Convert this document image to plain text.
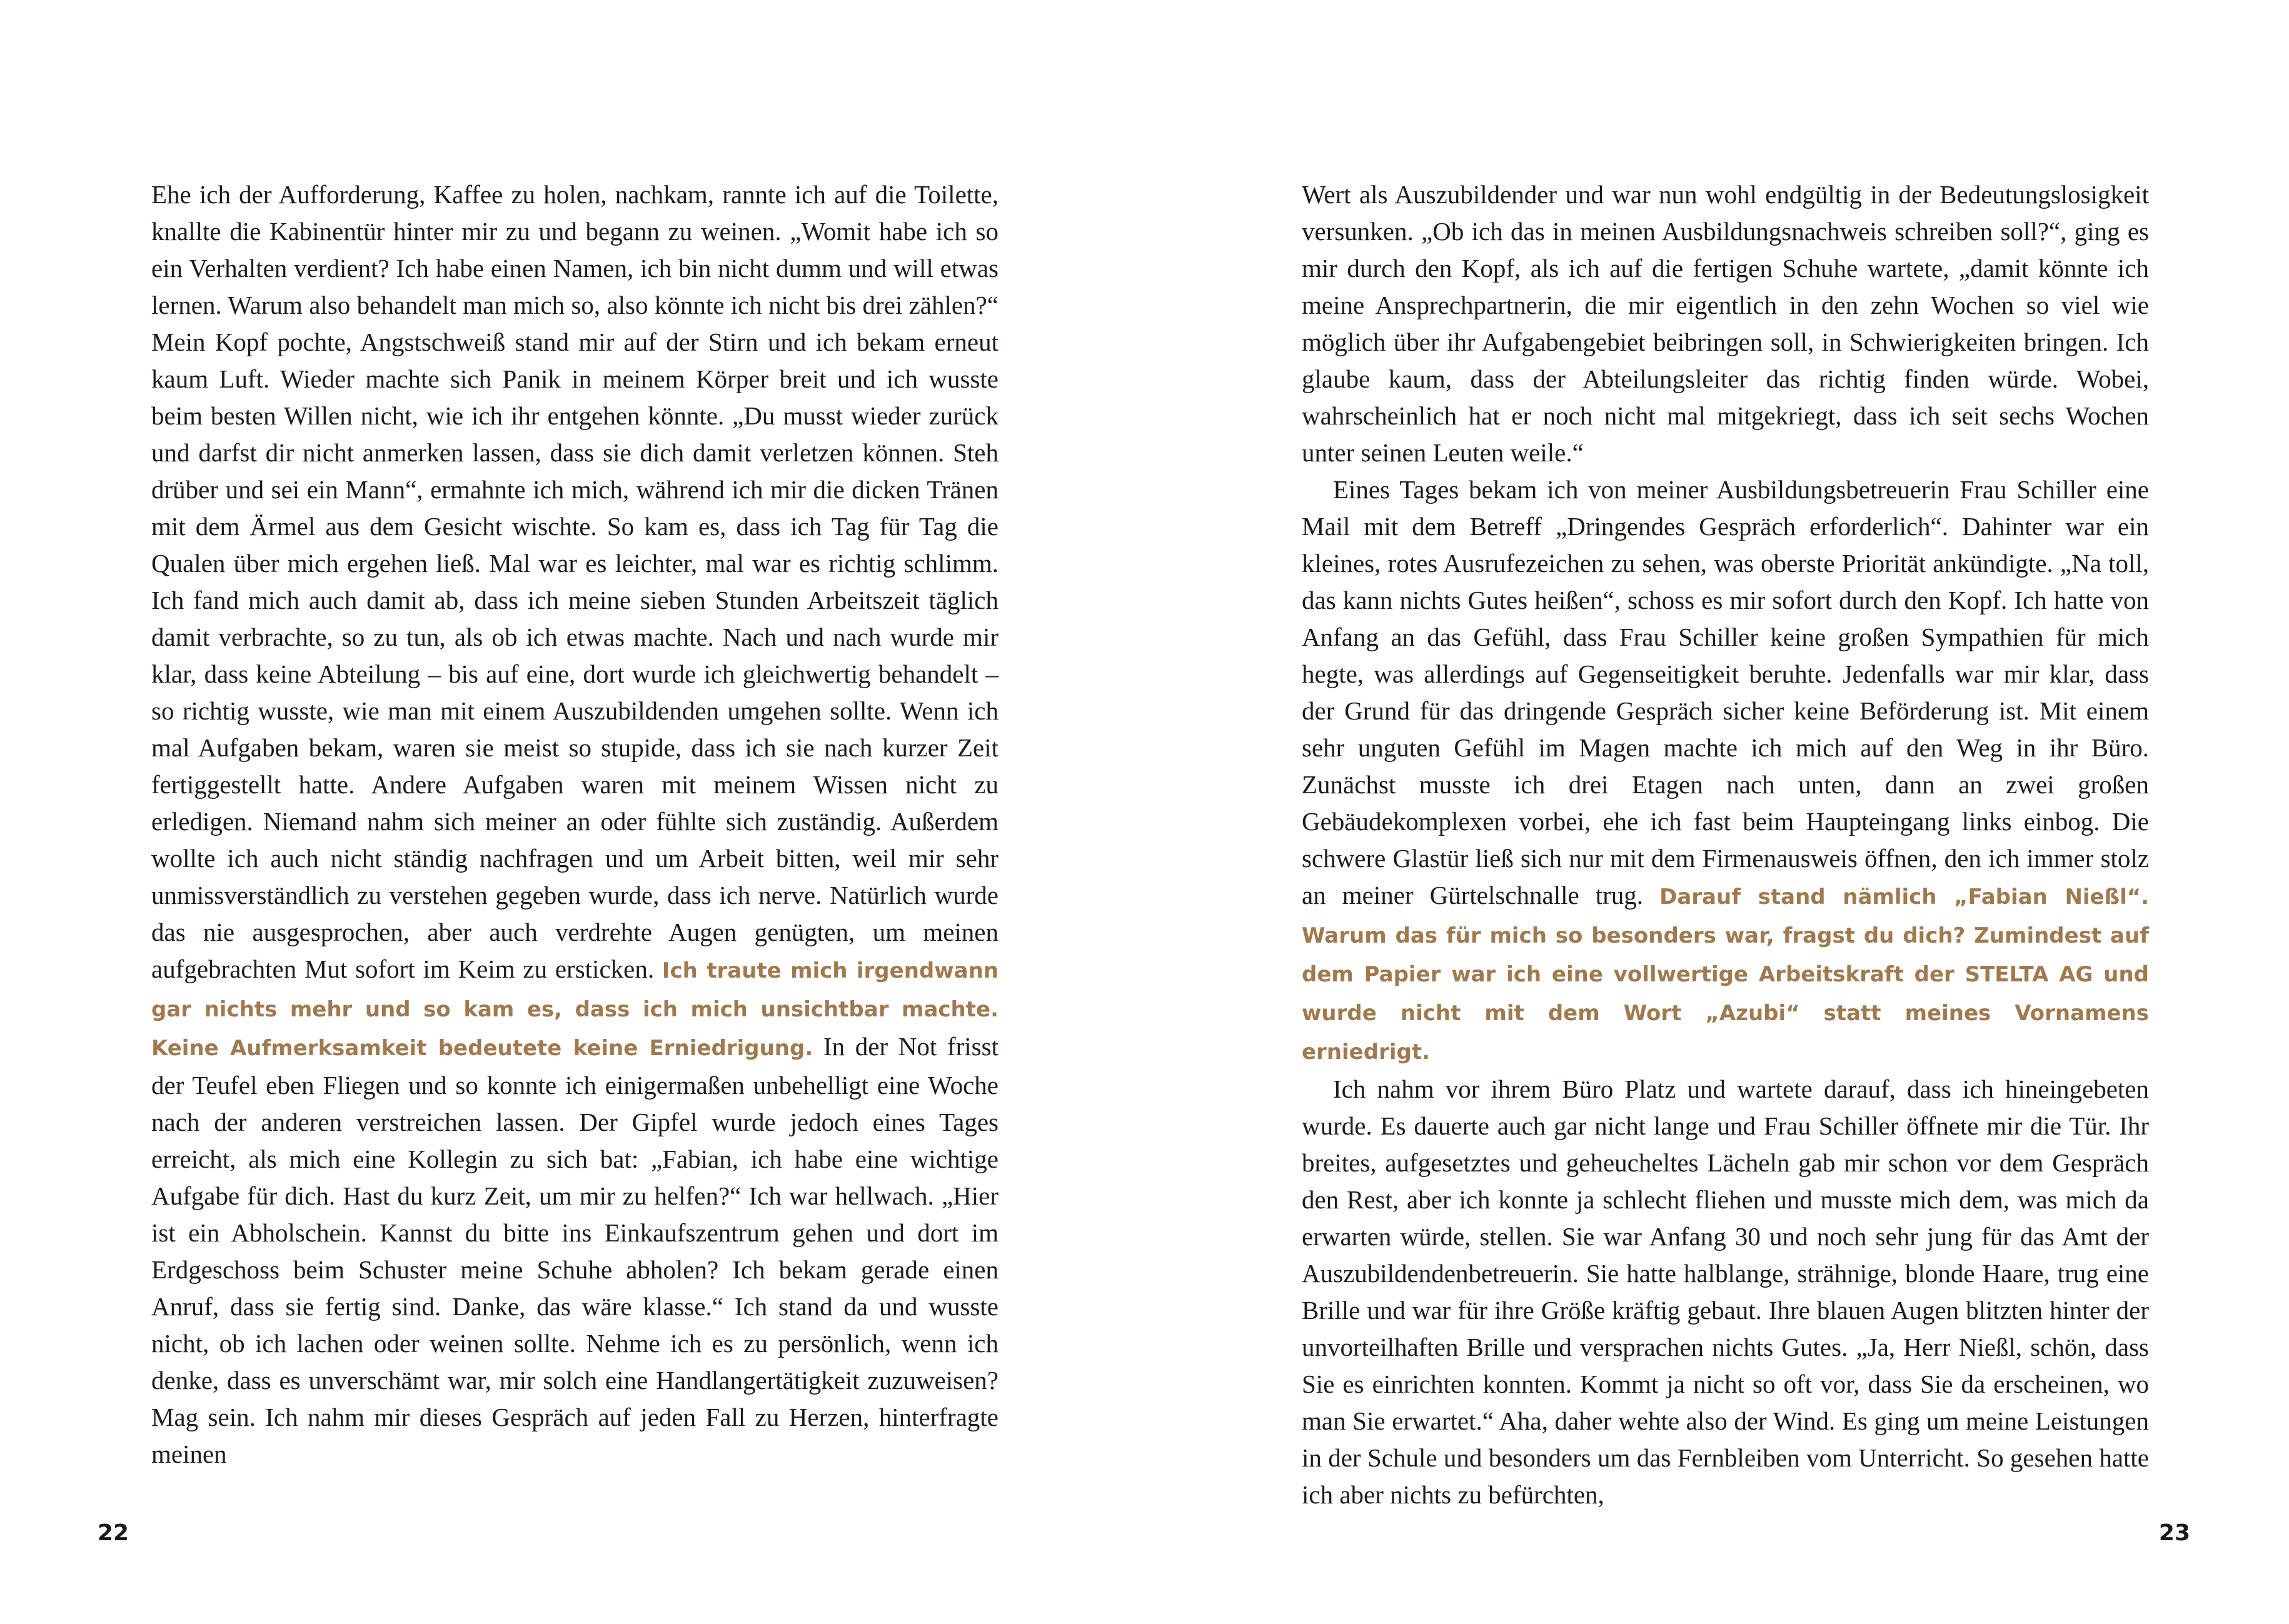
Ehe ich der Aufforderung, Kaffee zu holen, nachkam, rannte ich auf die Toilette, knallte die Kabinentür hinter mir zu und begann zu weinen. „Womit habe ich so ein Verhalten verdient? Ich habe einen Namen, ich bin nicht dumm und will etwas lernen. Warum also behandelt man mich so, also könnte ich nicht bis drei zählen?“ Mein Kopf pochte, Angstschweiß stand mir auf der Stirn und ich bekam erneut kaum Luft. Wieder machte sich Panik in meinem Körper breit und ich wusste beim besten Willen nicht, wie ich ihr entgehen könnte. „Du musst wieder zurück und darfst dir nicht anmerken lassen, dass sie dich damit verletzen können. Steh drüber und sei ein Mann“, ermahnte ich mich, während ich mir die dicken Tränen mit dem Ärmel aus dem Gesicht wischte. So kam es, dass ich Tag für Tag die Qualen über mich ergehen ließ. Mal war es leichter, mal war es richtig schlimm. Ich fand mich auch damit ab, dass ich meine sieben Stunden Arbeitszeit täglich damit verbrachte, so zu tun, als ob ich etwas machte. Nach und nach wurde mir klar, dass keine Abteilung – bis auf eine, dort wurde ich gleichwertig behandelt – so richtig wusste, wie man mit einem Auszubildenden umgehen sollte. Wenn ich mal Aufgaben bekam, waren sie meist so stupide, dass ich sie nach kurzer Zeit fertiggestellt hatte. Andere Aufgaben waren mit meinem Wissen nicht zu erledigen. Niemand nahm sich meiner an oder fühlte sich zuständig. Außerdem wollte ich auch nicht ständig nachfragen und um Arbeit bitten, weil mir sehr unmissverständlich zu verstehen gegeben wurde, dass ich nerve. Natürlich wurde das nie ausgesprochen, aber auch verdrehte Augen genügten, um meinen aufgebrachten Mut sofort im Keim zu ersticken. Ich traute mich irgendwann gar nichts mehr und so kam es, dass ich mich unsichtbar machte. Keine Aufmerksamkeit bedeutete keine Erniedrigung. In der Not frisst der Teufel eben Fliegen und so konnte ich einigermaßen unbehelligt eine Woche nach der anderen verstreichen lassen. Der Gipfel wurde jedoch eines Tages erreicht, als mich eine Kollegin zu sich bat: „Fabian, ich habe eine wichtige Aufgabe für dich. Hast du kurz Zeit, um mir zu helfen?“ Ich war hellwach. „Hier ist ein Abholschein. Kannst du bitte ins Einkaufszentrum gehen und dort im Erdgeschoss beim Schuster meine Schuhe abholen? Ich bekam gerade einen Anruf, dass sie fertig sind. Danke, das wäre klasse.“ Ich stand da und wusste nicht, ob ich lachen oder weinen sollte. Nehme ich es zu persönlich, wenn ich denke, dass es unverschämt war, mir solch eine Handlangertätigkeit zuzuweisen? Mag sein. Ich nahm mir dieses Gespräch auf jeden Fall zu Herzen, hinterfragte meinen

22

Wert als Auszubildender und war nun wohl endgültig in der Bedeutungslosigkeit versunken. „Ob ich das in meinen Ausbildungsnachweis schreiben soll?“, ging es mir durch den Kopf, als ich auf die fertigen Schuhe wartete, „damit könnte ich meine Ansprechpartnerin, die mir eigentlich in den zehn Wochen so viel wie möglich über ihr Aufgabengebiet beibringen soll, in Schwierigkeiten bringen. Ich glaube kaum, dass der Abteilungsleiter das richtig finden würde. Wobei, wahrscheinlich hat er noch nicht mal mitgekriegt, dass ich seit sechs Wochen unter seinen Leuten weile.“

Eines Tages bekam ich von meiner Ausbildungsbetreuerin Frau Schiller eine Mail mit dem Betreff „Dringendes Gespräch erforderlich“. Dahinter war ein kleines, rotes Ausrufezeichen zu sehen, was oberste Priorität ankündigte. „Na toll, das kann nichts Gutes heißen“, schoss es mir sofort durch den Kopf. Ich hatte von Anfang an das Gefühl, dass Frau Schiller keine großen Sympathien für mich hegte, was allerdings auf Gegenseitigkeit beruhte. Jedenfalls war mir klar, dass der Grund für das dringende Gespräch sicher keine Beförderung ist. Mit einem sehr unguten Gefühl im Magen machte ich mich auf den Weg in ihr Büro. Zunächst musste ich drei Etagen nach unten, dann an zwei großen Gebäudekomplexen vorbei, ehe ich fast beim Haupteingang links einbog. Die schwere Glastür ließ sich nur mit dem Firmenausweis öffnen, den ich immer stolz an meiner Gürtelschnalle trug. Darauf stand nämlich „Fabian Nießl“. Warum das für mich so besonders war, fragst du dich? Zumindest auf dem Papier war ich eine vollwertige Arbeitskraft der STELTA AG und wurde nicht mit dem Wort „Azubi“ statt meines Vornamens erniedrigt.

Ich nahm vor ihrem Büro Platz und wartete darauf, dass ich hineingebeten wurde. Es dauerte auch gar nicht lange und Frau Schiller öffnete mir die Tür. Ihr breites, aufgesetztes und geheucheltes Lächeln gab mir schon vor dem Gespräch den Rest, aber ich konnte ja schlecht fliehen und musste mich dem, was mich da erwarten würde, stellen. Sie war Anfang 30 und noch sehr jung für das Amt der Auszubildendenbetreuerin. Sie hatte halblange, strähnige, blonde Haare, trug eine Brille und war für ihre Größe kräftig gebaut. Ihre blauen Augen blitzten hinter der unvorteilhaften Brille und versprachen nichts Gutes. „Ja, Herr Nießl, schön, dass Sie es einrichten konnten. Kommt ja nicht so oft vor, dass Sie da erscheinen, wo man Sie erwartet.“ Aha, daher wehte also der Wind. Es ging um meine Leistungen in der Schule und besonders um das Fernbleiben vom Unterricht. So gesehen hatte ich aber nichts zu befürchten,

23
